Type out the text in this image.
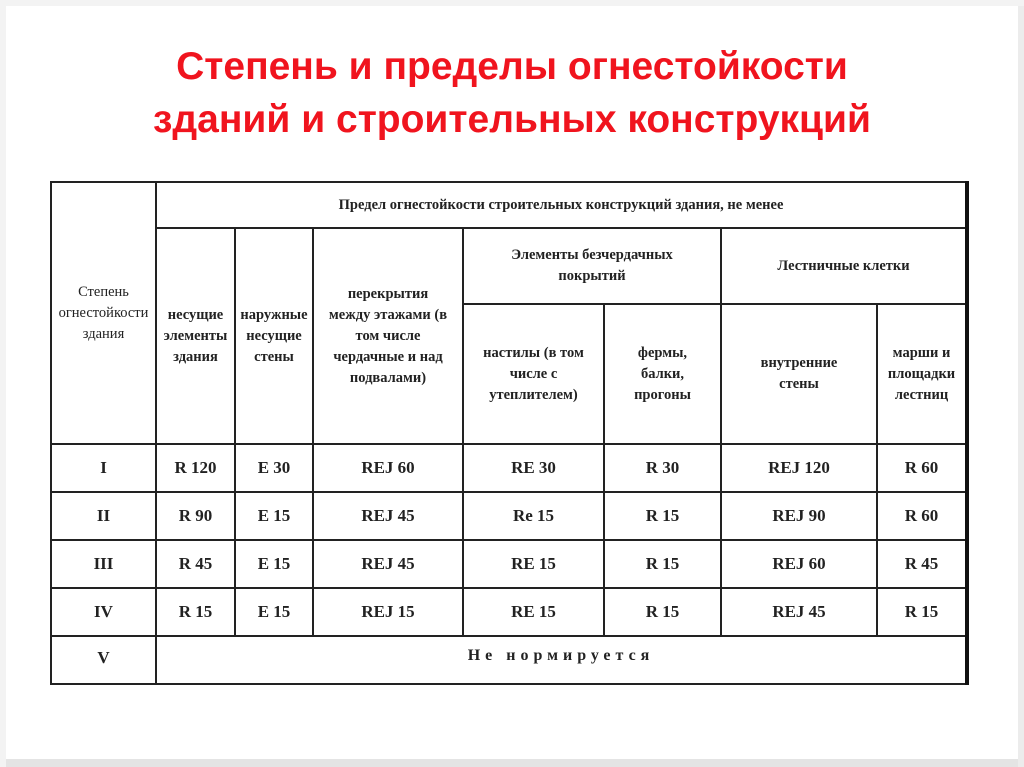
Степень и пределы огнестойкости
зданий и строительных конструкций
Степень огнестойкости здания	Предел огнестойкости строительных конструкций здания, не менее						
	несущие элементы здания	наружные несущие стены	перекрытия между этажами (в том числе чердачные и над подвалами)	Элементы безчердачных покрытий		Лестничные клетки	
				настилы (в том числе с утеплителем)	фермы, балки, прогоны	внутренние стены	марши и площадки лестниц
I	R 120	E 30	REJ 60	RE 30	R 30	REJ 120	R 60
II	R 90	E 15	REJ 45	Re 15	R 15	REJ 90	R 60
III	R 45	E 15	REJ 45	RE 15	R 15	REJ 60	R 45
IV	R 15	E 15	REJ 15	RE 15	R 15	REJ 45	R 15
V	Не нормируется						
